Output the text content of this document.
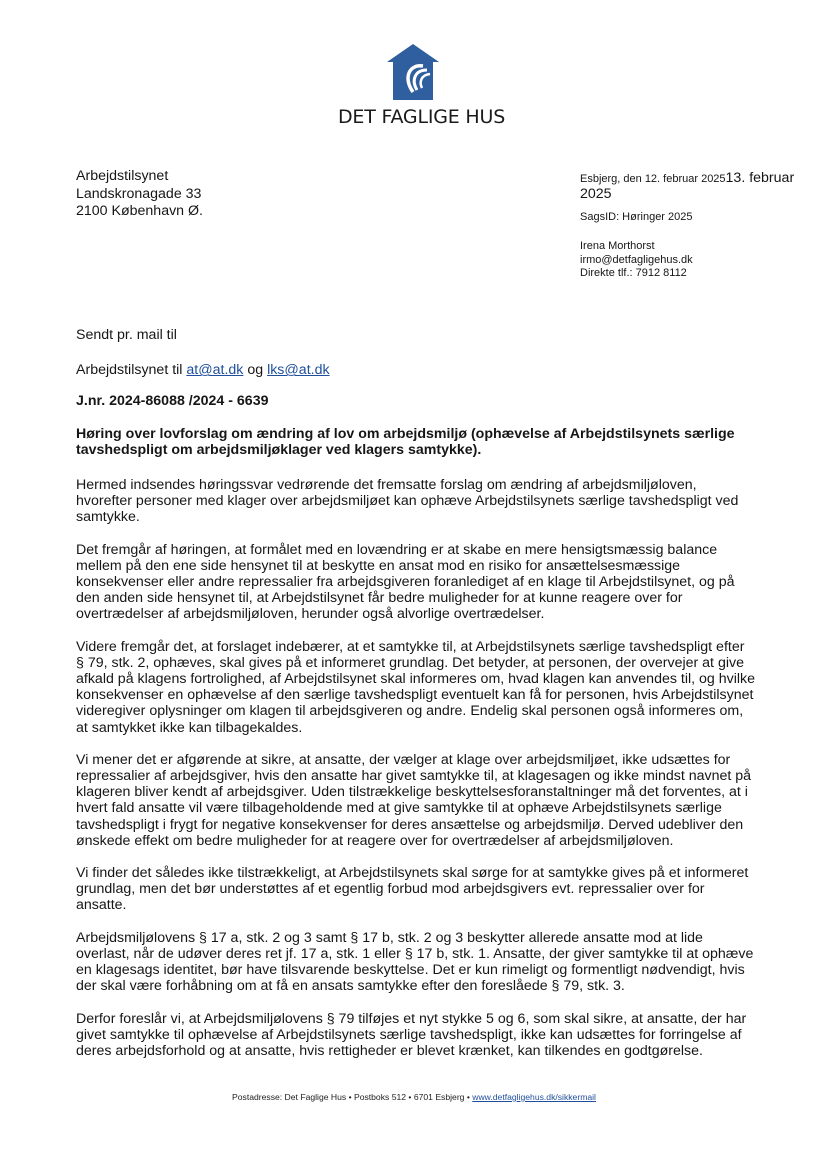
DET FAGLIGE HUS
Arbejdstilsynet
Landskronagade 33
2100 København Ø.
Esbjerg, den 12. februar 202513. februar
2025
SagsID: Høringer 2025
Irena Morthorst
irmo@detfagligehus.dk
Direkte tlf.: 7912 8112

Sendt pr. mail til

Arbejdstilsynet til at@at.dk og lks@at.dk

J.nr. 2024-86088 /2024 - 6639

Høring over lovforslag om ændring af lov om arbejdsmiljø (ophævelse af Arbejdstilsynets særlige tavshedspligt om arbejdsmiljøklager ved klagers samtykke).

Hermed indsendes høringssvar vedrørende det fremsatte forslag om ændring af arbejdsmiljøloven, hvorefter personer med klager over arbejdsmiljøet kan ophæve Arbejdstilsynets særlige tavshedspligt ved samtykke.

Det fremgår af høringen, at formålet med en lovændring er at skabe en mere hensigtsmæssig balance mellem på den ene side hensynet til at beskytte en ansat mod en risiko for ansættelsesmæssige konsekvenser eller andre repressalier fra arbejdsgiveren foranlediget af en klage til Arbejdstilsynet, og på den anden side hensynet til, at Arbejdstilsynet får bedre muligheder for at kunne reagere over for overtrædelser af arbejdsmiljøloven, herunder også alvorlige overtrædelser.

Videre fremgår det, at forslaget indebærer, at et samtykke til, at Arbejdstilsynets særlige tavshedspligt efter § 79, stk. 2, ophæves, skal gives på et informeret grundlag. Det betyder, at personen, der overvejer at give afkald på klagens fortrolighed, af Arbejdstilsynet skal informeres om, hvad klagen kan anvendes til, og hvilke konsekvenser en ophævelse af den særlige tavshedspligt eventuelt kan få for personen, hvis Arbejdstilsynet videregiver oplysninger om klagen til arbejdsgiveren og andre. Endelig skal personen også informeres om, at samtykket ikke kan tilbagekaldes.

Vi mener det er afgørende at sikre, at ansatte, der vælger at klage over arbejdsmiljøet, ikke udsættes for repressalier af arbejdsgiver, hvis den ansatte har givet samtykke til, at klagesagen og ikke mindst navnet på klageren bliver kendt af arbejdsgiver. Uden tilstrækkelige beskyttelsesforanstaltninger må det forventes, at i hvert fald ansatte vil være tilbageholdende med at give samtykke til at ophæve Arbejdstilsynets særlige tavshedspligt i frygt for negative konsekvenser for deres ansættelse og arbejdsmiljø. Derved udebliver den ønskede effekt om bedre muligheder for at reagere over for overtrædelser af arbejdsmiljøloven.

Vi finder det således ikke tilstrækkeligt, at Arbejdstilsynets skal sørge for at samtykke gives på et informeret grundlag, men det bør understøttes af et egentlig forbud mod arbejdsgivers evt. repressalier over for ansatte.

Arbejdsmiljølovens § 17 a, stk. 2 og 3 samt § 17 b, stk. 2 og 3 beskytter allerede ansatte mod at lide overlast, når de udøver deres ret jf. 17 a, stk. 1 eller § 17 b, stk. 1. Ansatte, der giver samtykke til at ophæve en klagesags identitet, bør have tilsvarende beskyttelse. Det er kun rimeligt og formentligt nødvendigt, hvis der skal være forhåbning om at få en ansats samtykke efter den foreslåede § 79, stk. 3.

Derfor foreslår vi, at Arbejdsmiljølovens § 79 tilføjes et nyt stykke 5 og 6, som skal sikre, at ansatte, der har givet samtykke til ophævelse af Arbejdstilsynets særlige tavshedspligt, ikke kan udsættes for forringelse af deres arbejdsforhold og at ansatte, hvis rettigheder er blevet krænket, kan tilkendes en godtgørelse.

Postadresse: Det Faglige Hus • Postboks 512 • 6701 Esbjerg • www.detfagligehus.dk/sikkermail
